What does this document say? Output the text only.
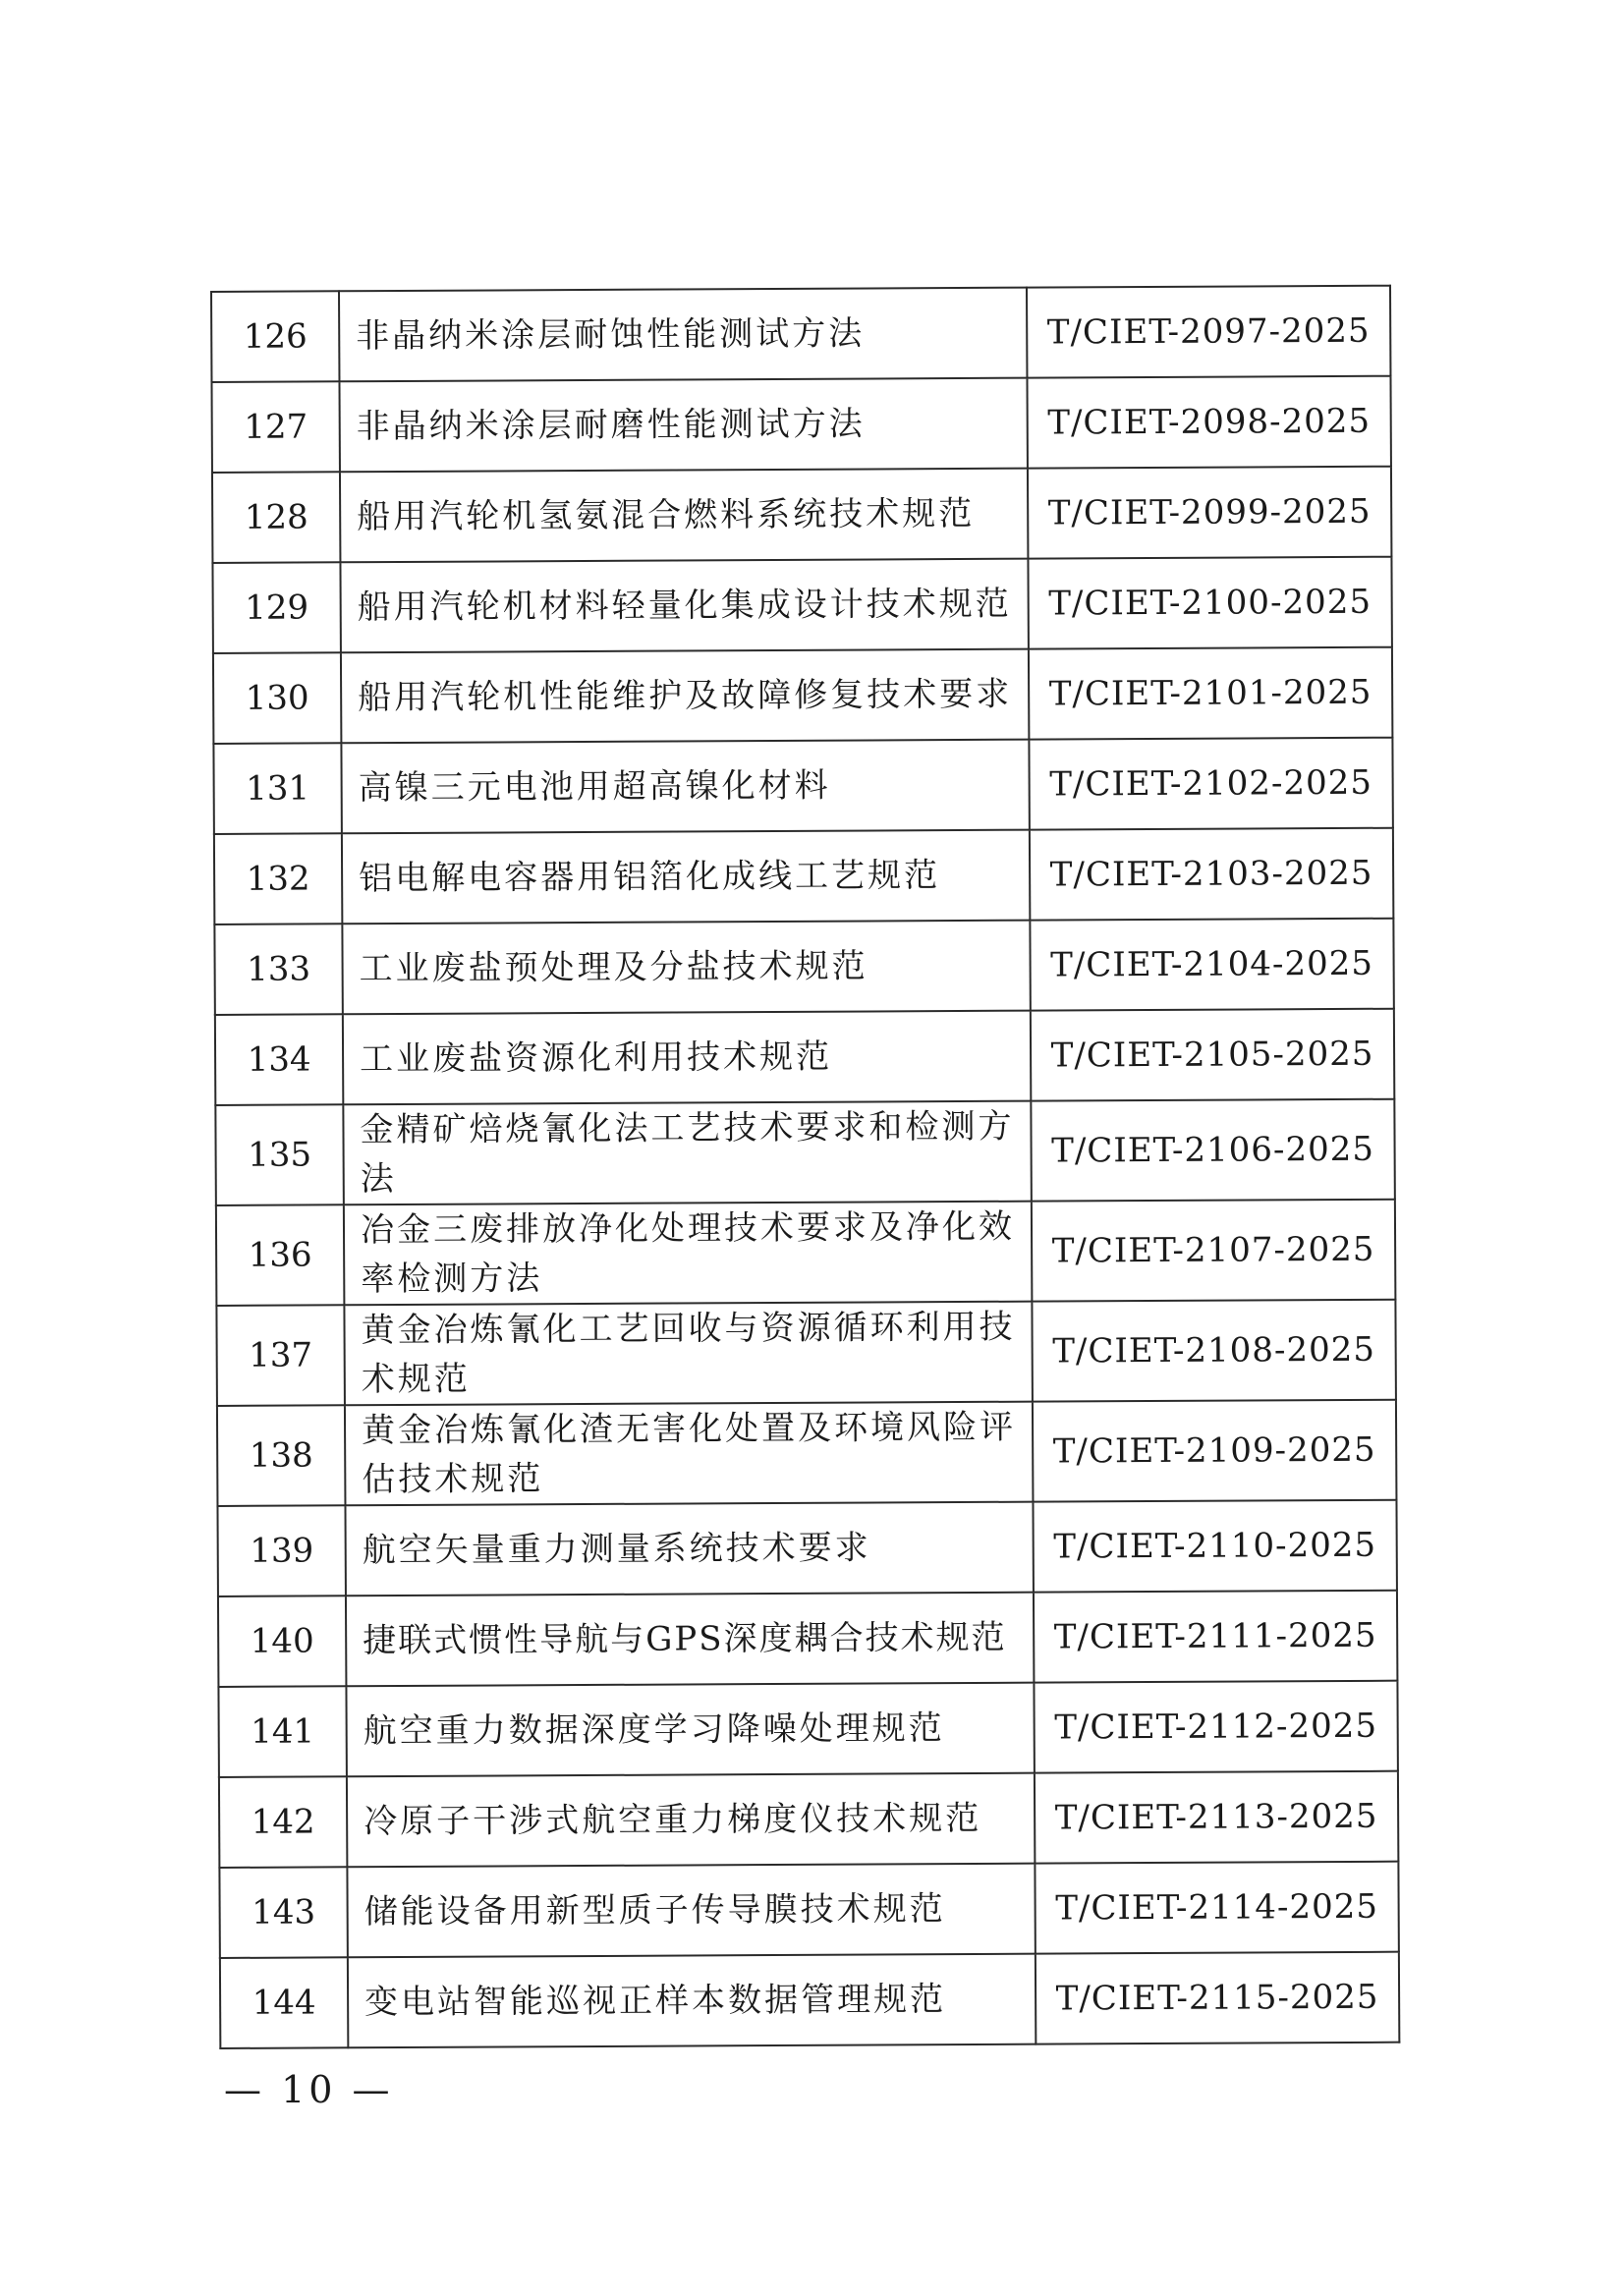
126	非晶纳米涂层耐蚀性能测试方法	T/CIET-2097-2025
127	非晶纳米涂层耐磨性能测试方法	T/CIET-2098-2025
128	船用汽轮机氢氨混合燃料系统技术规范	T/CIET-2099-2025
129	船用汽轮机材料轻量化集成设计技术规范	T/CIET-2100-2025
130	船用汽轮机性能维护及故障修复技术要求	T/CIET-2101-2025
131	高镍三元电池用超高镍化材料	T/CIET-2102-2025
132	铝电解电容器用铝箔化成线工艺规范	T/CIET-2103-2025
133	工业废盐预处理及分盐技术规范	T/CIET-2104-2025
134	工业废盐资源化利用技术规范	T/CIET-2105-2025
135	金精矿焙烧氰化法工艺技术要求和检测方法	T/CIET-2106-2025
136	冶金三废排放净化处理技术要求及净化效率检测方法	T/CIET-2107-2025
137	黄金冶炼氰化工艺回收与资源循环利用技术规范	T/CIET-2108-2025
138	黄金冶炼氰化渣无害化处置及环境风险评估技术规范	T/CIET-2109-2025
139	航空矢量重力测量系统技术要求	T/CIET-2110-2025
140	捷联式惯性导航与GPS深度耦合技术规范	T/CIET-2111-2025
141	航空重力数据深度学习降噪处理规范	T/CIET-2112-2025
142	冷原子干涉式航空重力梯度仪技术规范	T/CIET-2113-2025
143	储能设备用新型质子传导膜技术规范	T/CIET-2114-2025
144	变电站智能巡视正样本数据管理规范	T/CIET-2115-2025
— 10 —
